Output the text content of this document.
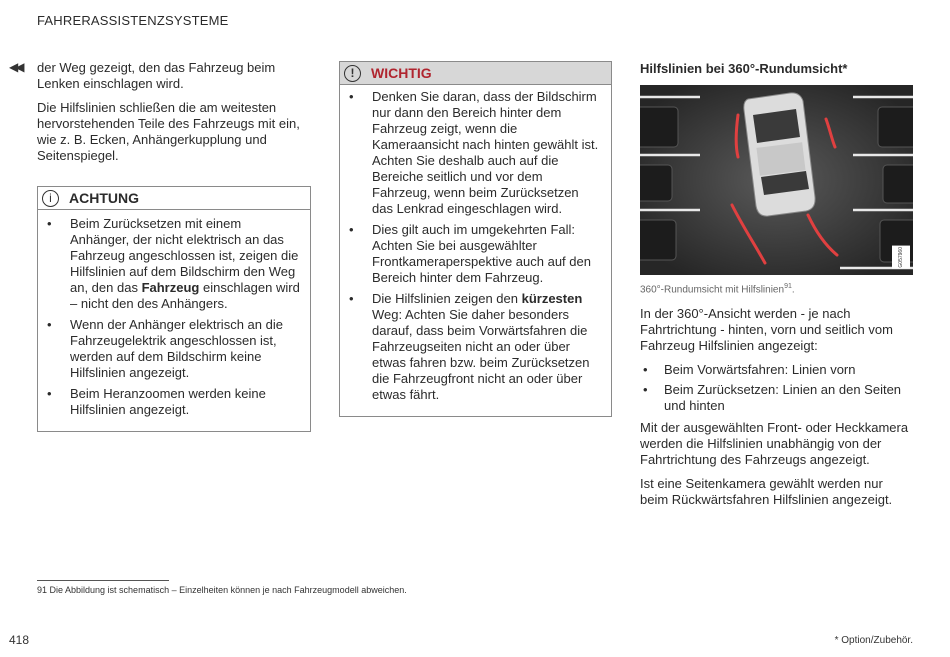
FAHRERASSISTENZSYSTEME
◀◀ der Weg gezeigt, den das Fahrzeug beim Lenken einschlagen wird.

Die Hilfslinien schließen die am weitesten hervorstehenden Teile des Fahrzeugs mit ein, wie z. B. Ecken, Anhängerkupplung und Seitenspiegel.

i	ACHTUNG
• Beim Zurücksetzen mit einem Anhänger, der nicht elektrisch an das Fahrzeug angeschlossen ist, zeigen die Hilfslinien auf dem Bildschirm den Weg an, den das Fahrzeug einschlagen wird – nicht den des Anhängers.
• Wenn der Anhänger elektrisch an die Fahrzeugelektrik angeschlossen ist, werden auf dem Bildschirm keine Hilfslinien angezeigt.
• Beim Heranzoomen werden keine Hilfslinien angezeigt.
!	WICHTIG
• Denken Sie daran, dass der Bildschirm nur dann den Bereich hinter dem Fahrzeug zeigt, wenn die Kameraansicht nach hinten gewählt ist. Achten Sie deshalb auch auf die Bereiche seitlich und vor dem Fahrzeug, wenn beim Zurücksetzen das Lenkrad eingeschlagen wird.
• Dies gilt auch im umgekehrten Fall: Achten Sie bei ausgewählter Frontkameraperspektive auch auf den Bereich hinter dem Fahrzeug.
• Die Hilfslinien zeigen den kürzesten Weg: Achten Sie daher besonders darauf, dass beim Vorwärtsfahren die Fahrzeugseiten nicht an oder über etwas fahren bzw. beim Zurücksetzen die Fahrzeugfront nicht an oder über etwas fährt.
Hilfslinien bei 360°-Rundumsicht*
G057960
360°-Rundumsicht mit Hilfslinien$^{91}$.

In der 360°-Ansicht werden - je nach Fahrtrichtung - hinten, vorn und seitlich vom Fahrzeug Hilfslinien angezeigt:

• Beim Vorwärtsfahren: Linien vorn
• Beim Zurücksetzen: Linien an den Seiten und hinten

Mit der ausgewählten Front- oder Heckkamera werden die Hilfslinien unabhängig von der Fahrtrichtung des Fahrzeugs angezeigt.

Ist eine Seitenkamera gewählt werden nur beim Rückwärtsfahren Hilfslinien angezeigt.

91 Die Abbildung ist schematisch – Einzelheiten können je nach Fahrzeugmodell abweichen.
418	* Option/Zubehör.
